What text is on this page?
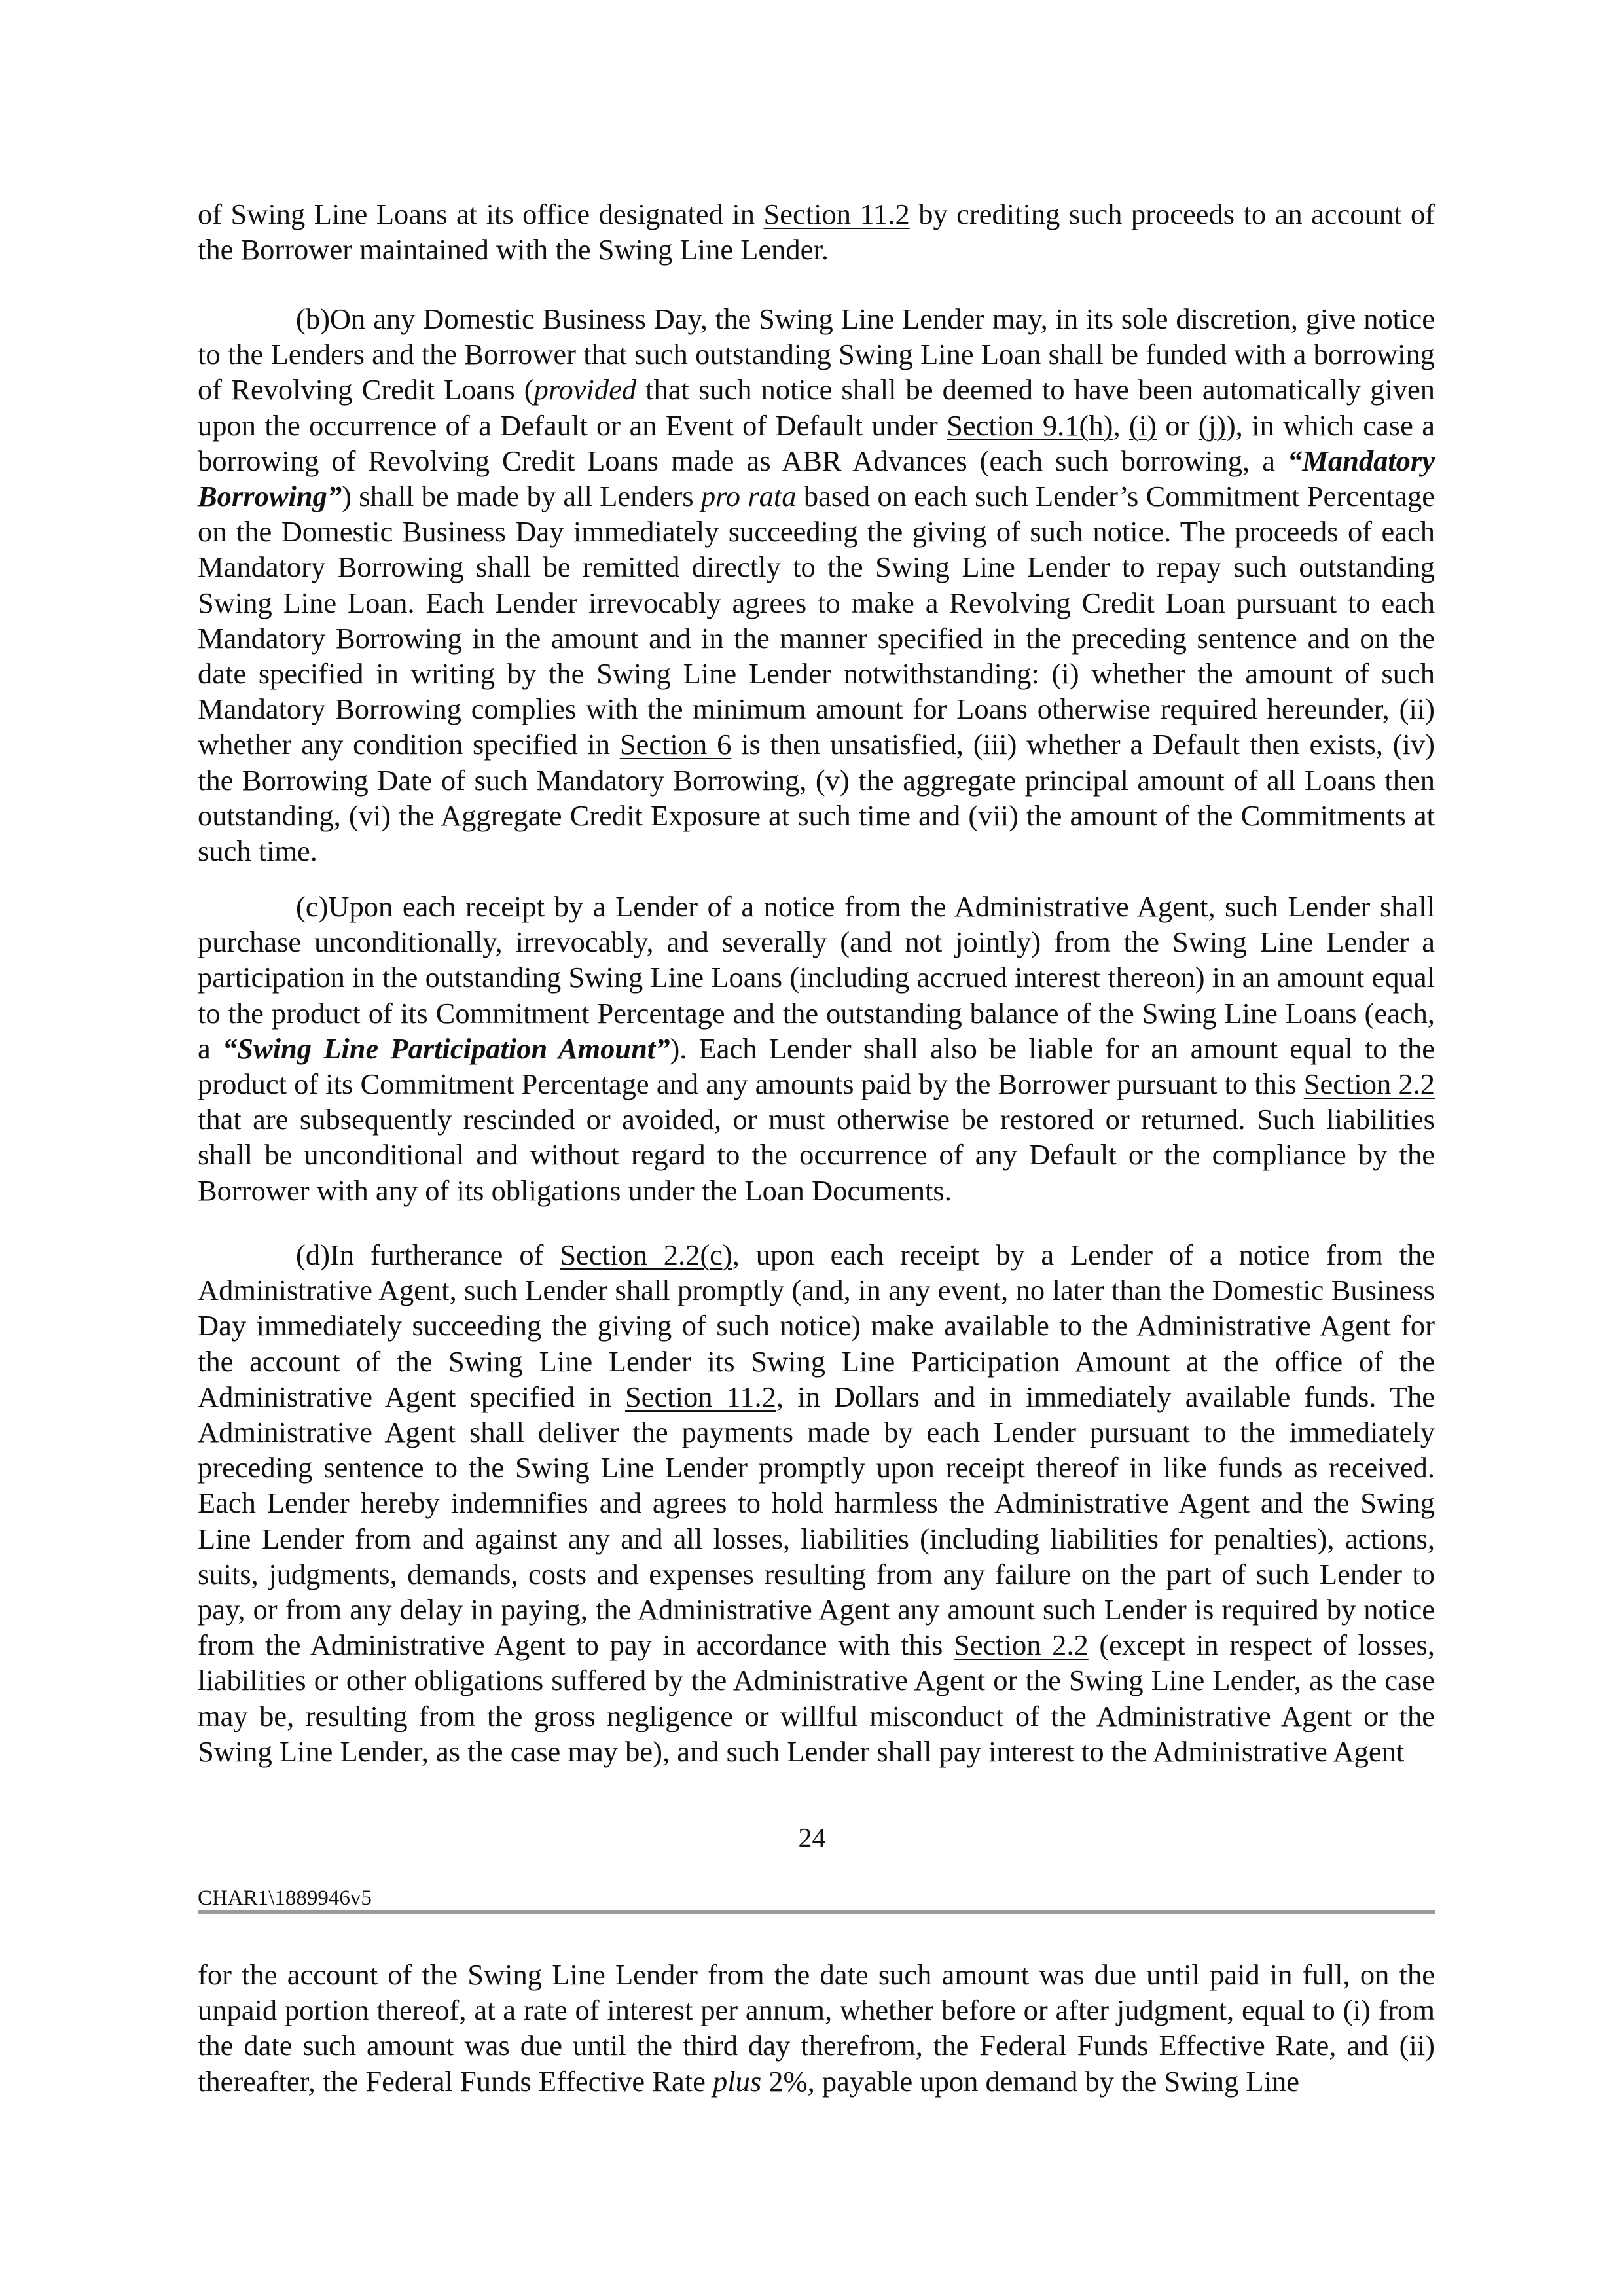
of Swing Line Loans at its office designated in Section 11.2 by crediting such proceeds to an account of the Borrower maintained with the Swing Line Lender.

(b)On any Domestic Business Day, the Swing Line Lender may, in its sole discretion, give notice to the Lenders and the Borrower that such outstanding Swing Line Loan shall be funded with a borrowing of Revolving Credit Loans (provided that such notice shall be deemed to have been automatically given upon the occurrence of a Default or an Event of Default under Section 9.1(h), (i) or (j)), in which case a borrowing of Revolving Credit Loans made as ABR Advances (each such borrowing, a “Mandatory Borrowing”) shall be made by all Lenders pro rata based on each such Lender’s Commitment Percentage on the Domestic Business Day immediately succeeding the giving of such notice. The proceeds of each Mandatory Borrowing shall be remitted directly to the Swing Line Lender to repay such outstanding Swing Line Loan. Each Lender irrevocably agrees to make a Revolving Credit Loan pursuant to each Mandatory Borrowing in the amount and in the manner specified in the preceding sentence and on the date specified in writing by the Swing Line Lender notwithstanding: (i) whether the amount of such Mandatory Borrowing complies with the minimum amount for Loans otherwise required hereunder, (ii) whether any condition specified in Section 6 is then unsatisfied, (iii) whether a Default then exists, (iv) the Borrowing Date of such Mandatory Borrowing, (v) the aggregate principal amount of all Loans then outstanding, (vi) the Aggregate Credit Exposure at such time and (vii) the amount of the Commitments at such time.

(c)Upon each receipt by a Lender of a notice from the Administrative Agent, such Lender shall purchase unconditionally, irrevocably, and severally (and not jointly) from the Swing Line Lender a participation in the outstanding Swing Line Loans (including accrued interest thereon) in an amount equal to the product of its Commitment Percentage and the outstanding balance of the Swing Line Loans (each, a “Swing Line Participation Amount”). Each Lender shall also be liable for an amount equal to the product of its Commitment Percentage and any amounts paid by the Borrower pursuant to this Section 2.2 that are subsequently rescinded or avoided, or must otherwise be restored or returned. Such liabilities shall be unconditional and without regard to the occurrence of any Default or the compliance by the Borrower with any of its obligations under the Loan Documents.

(d)In furtherance of Section 2.2(c), upon each receipt by a Lender of a notice from the Administrative Agent, such Lender shall promptly (and, in any event, no later than the Domestic Business Day immediately succeeding the giving of such notice) make available to the Administrative Agent for the account of the Swing Line Lender its Swing Line Participation Amount at the office of the Administrative Agent specified in Section 11.2, in Dollars and in immediately available funds. The Administrative Agent shall deliver the payments made by each Lender pursuant to the immediately preceding sentence to the Swing Line Lender promptly upon receipt thereof in like funds as received. Each Lender hereby indemnifies and agrees to hold harmless the Administrative Agent and the Swing Line Lender from and against any and all losses, liabilities (including liabilities for penalties), actions, suits, judgments, demands, costs and expenses resulting from any failure on the part of such Lender to pay, or from any delay in paying, the Administrative Agent any amount such Lender is required by notice from the Administrative Agent to pay in accordance with this Section 2.2 (except in respect of losses, liabilities or other obligations suffered by the Administrative Agent or the Swing Line Lender, as the case may be, resulting from the gross negligence or willful misconduct of the Administrative Agent or the Swing Line Lender, as the case may be), and such Lender shall pay interest to the Administrative Agent

24

CHAR1\1889946v5

for the account of the Swing Line Lender from the date such amount was due until paid in full, on the unpaid portion thereof, at a rate of interest per annum, whether before or after judgment, equal to (i) from the date such amount was due until the third day therefrom, the Federal Funds Effective Rate, and (ii) thereafter, the Federal Funds Effective Rate plus 2%, payable upon demand by the Swing Line
